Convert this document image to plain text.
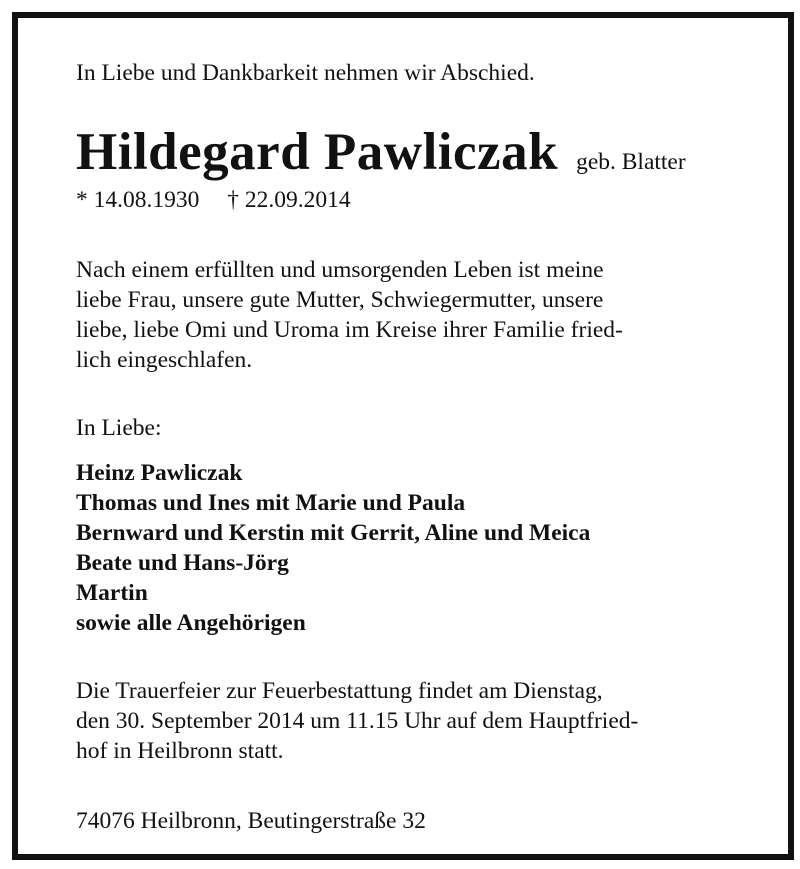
In Liebe und Dankbarkeit nehmen wir Abschied.
Hildegard Pawliczak geb. Blatter
* 14.08.1930 † 22.09.2014
Nach einem erfüllten und umsorgenden Leben ist meine
liebe Frau, unsere gute Mutter, Schwiegermutter, unsere
liebe, liebe Omi und Uroma im Kreise ihrer Familie fried-
lich eingeschlafen.
In Liebe:
Heinz Pawliczak
Thomas und Ines mit Marie und Paula
Bernward und Kerstin mit Gerrit, Aline und Meica
Beate und Hans-Jörg
Martin
sowie alle Angehörigen
Die Trauerfeier zur Feuerbestattung findet am Dienstag,
den 30. September 2014 um 11.15 Uhr auf dem Hauptfried-
hof in Heilbronn statt.
74076 Heilbronn, Beutingerstraße 32
